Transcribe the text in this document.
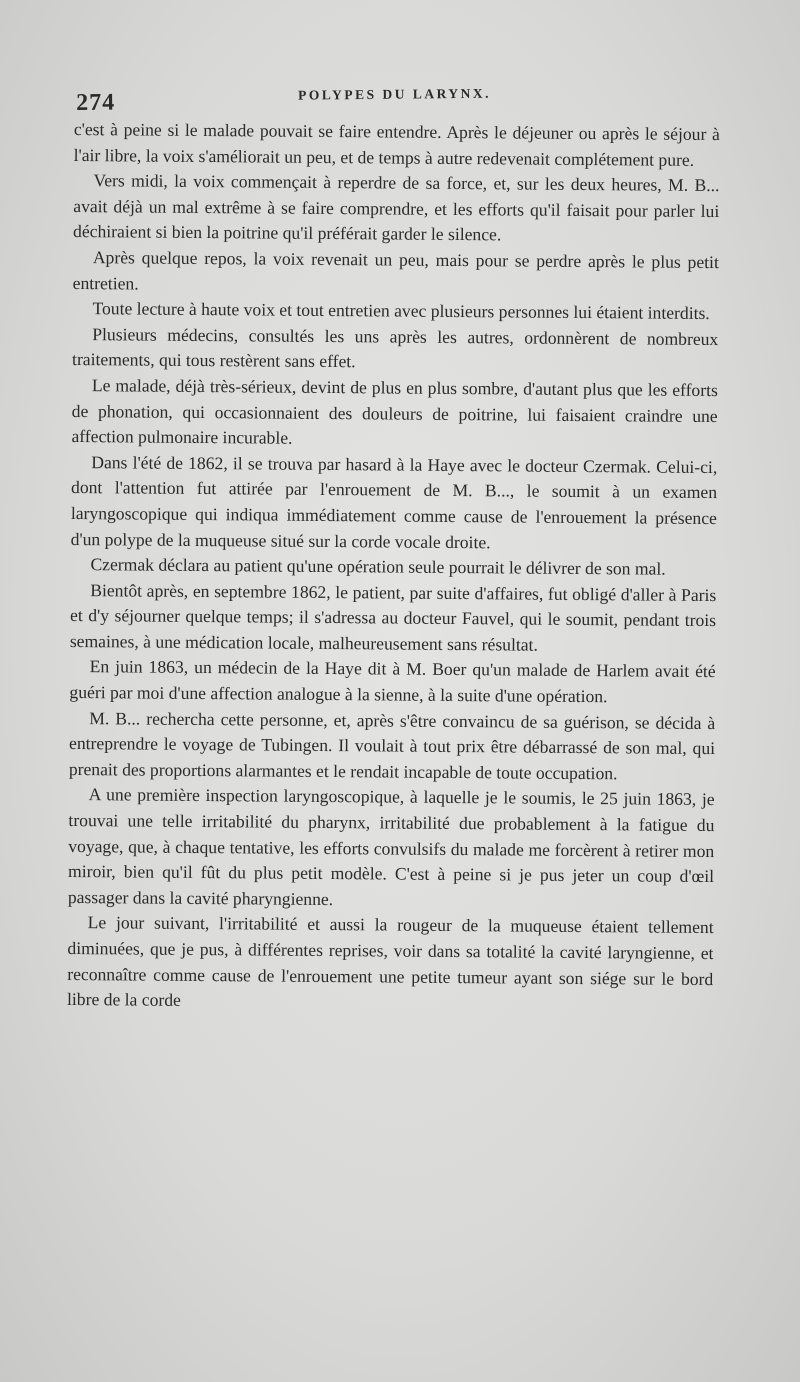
274	POLYPES DU LARYNX.

c'est à peine si le malade pouvait se faire entendre. Après le déjeuner ou après le séjour à l'air libre, la voix s'améliorait un peu, et de temps à autre redevenait complétement pure.

Vers midi, la voix commençait à reperdre de sa force, et, sur les deux heures, M. B... avait déjà un mal extrême à se faire comprendre, et les efforts qu'il faisait pour parler lui déchiraient si bien la poitrine qu'il préférait garder le silence.

Après quelque repos, la voix revenait un peu, mais pour se perdre après le plus petit entretien.

Toute lecture à haute voix et tout entretien avec plusieurs personnes lui étaient interdits.

Plusieurs médecins, consultés les uns après les autres, ordonnèrent de nombreux traitements, qui tous restèrent sans effet.

Le malade, déjà très-sérieux, devint de plus en plus sombre, d'autant plus que les efforts de phonation, qui occasionnaient des douleurs de poitrine, lui faisaient craindre une affection pulmonaire incurable.

Dans l'été de 1862, il se trouva par hasard à la Haye avec le docteur Czermak. Celui-ci, dont l'attention fut attirée par l'enrouement de M. B..., le soumit à un examen laryngoscopique qui indiqua immédiatement comme cause de l'enrouement la présence d'un polype de la muqueuse situé sur la corde vocale droite.

Czermak déclara au patient qu'une opération seule pourrait le délivrer de son mal.

Bientôt après, en septembre 1862, le patient, par suite d'affaires, fut obligé d'aller à Paris et d'y séjourner quelque temps; il s'adressa au docteur Fauvel, qui le soumit, pendant trois semaines, à une médication locale, malheureusement sans résultat.

En juin 1863, un médecin de la Haye dit à M. Boer qu'un malade de Harlem avait été guéri par moi d'une affection analogue à la sienne, à la suite d'une opération.

M. B... rechercha cette personne, et, après s'être convaincu de sa guérison, se décida à entreprendre le voyage de Tubingen. Il voulait à tout prix être débarrassé de son mal, qui prenait des proportions alarmantes et le rendait incapable de toute occupation.

A une première inspection laryngoscopique, à laquelle je le soumis, le 25 juin 1863, je trouvai une telle irritabilité du pharynx, irritabilité due probablement à la fatigue du voyage, que, à chaque tentative, les efforts convulsifs du malade me forcèrent à retirer mon miroir, bien qu'il fût du plus petit modèle. C'est à peine si je pus jeter un coup d'œil passager dans la cavité pharyngienne.

Le jour suivant, l'irritabilité et aussi la rougeur de la muqueuse étaient tellement diminuées, que je pus, à différentes reprises, voir dans sa totalité la cavité laryngienne, et reconnaître comme cause de l'enrouement une petite tumeur ayant son siége sur le bord libre de la corde
